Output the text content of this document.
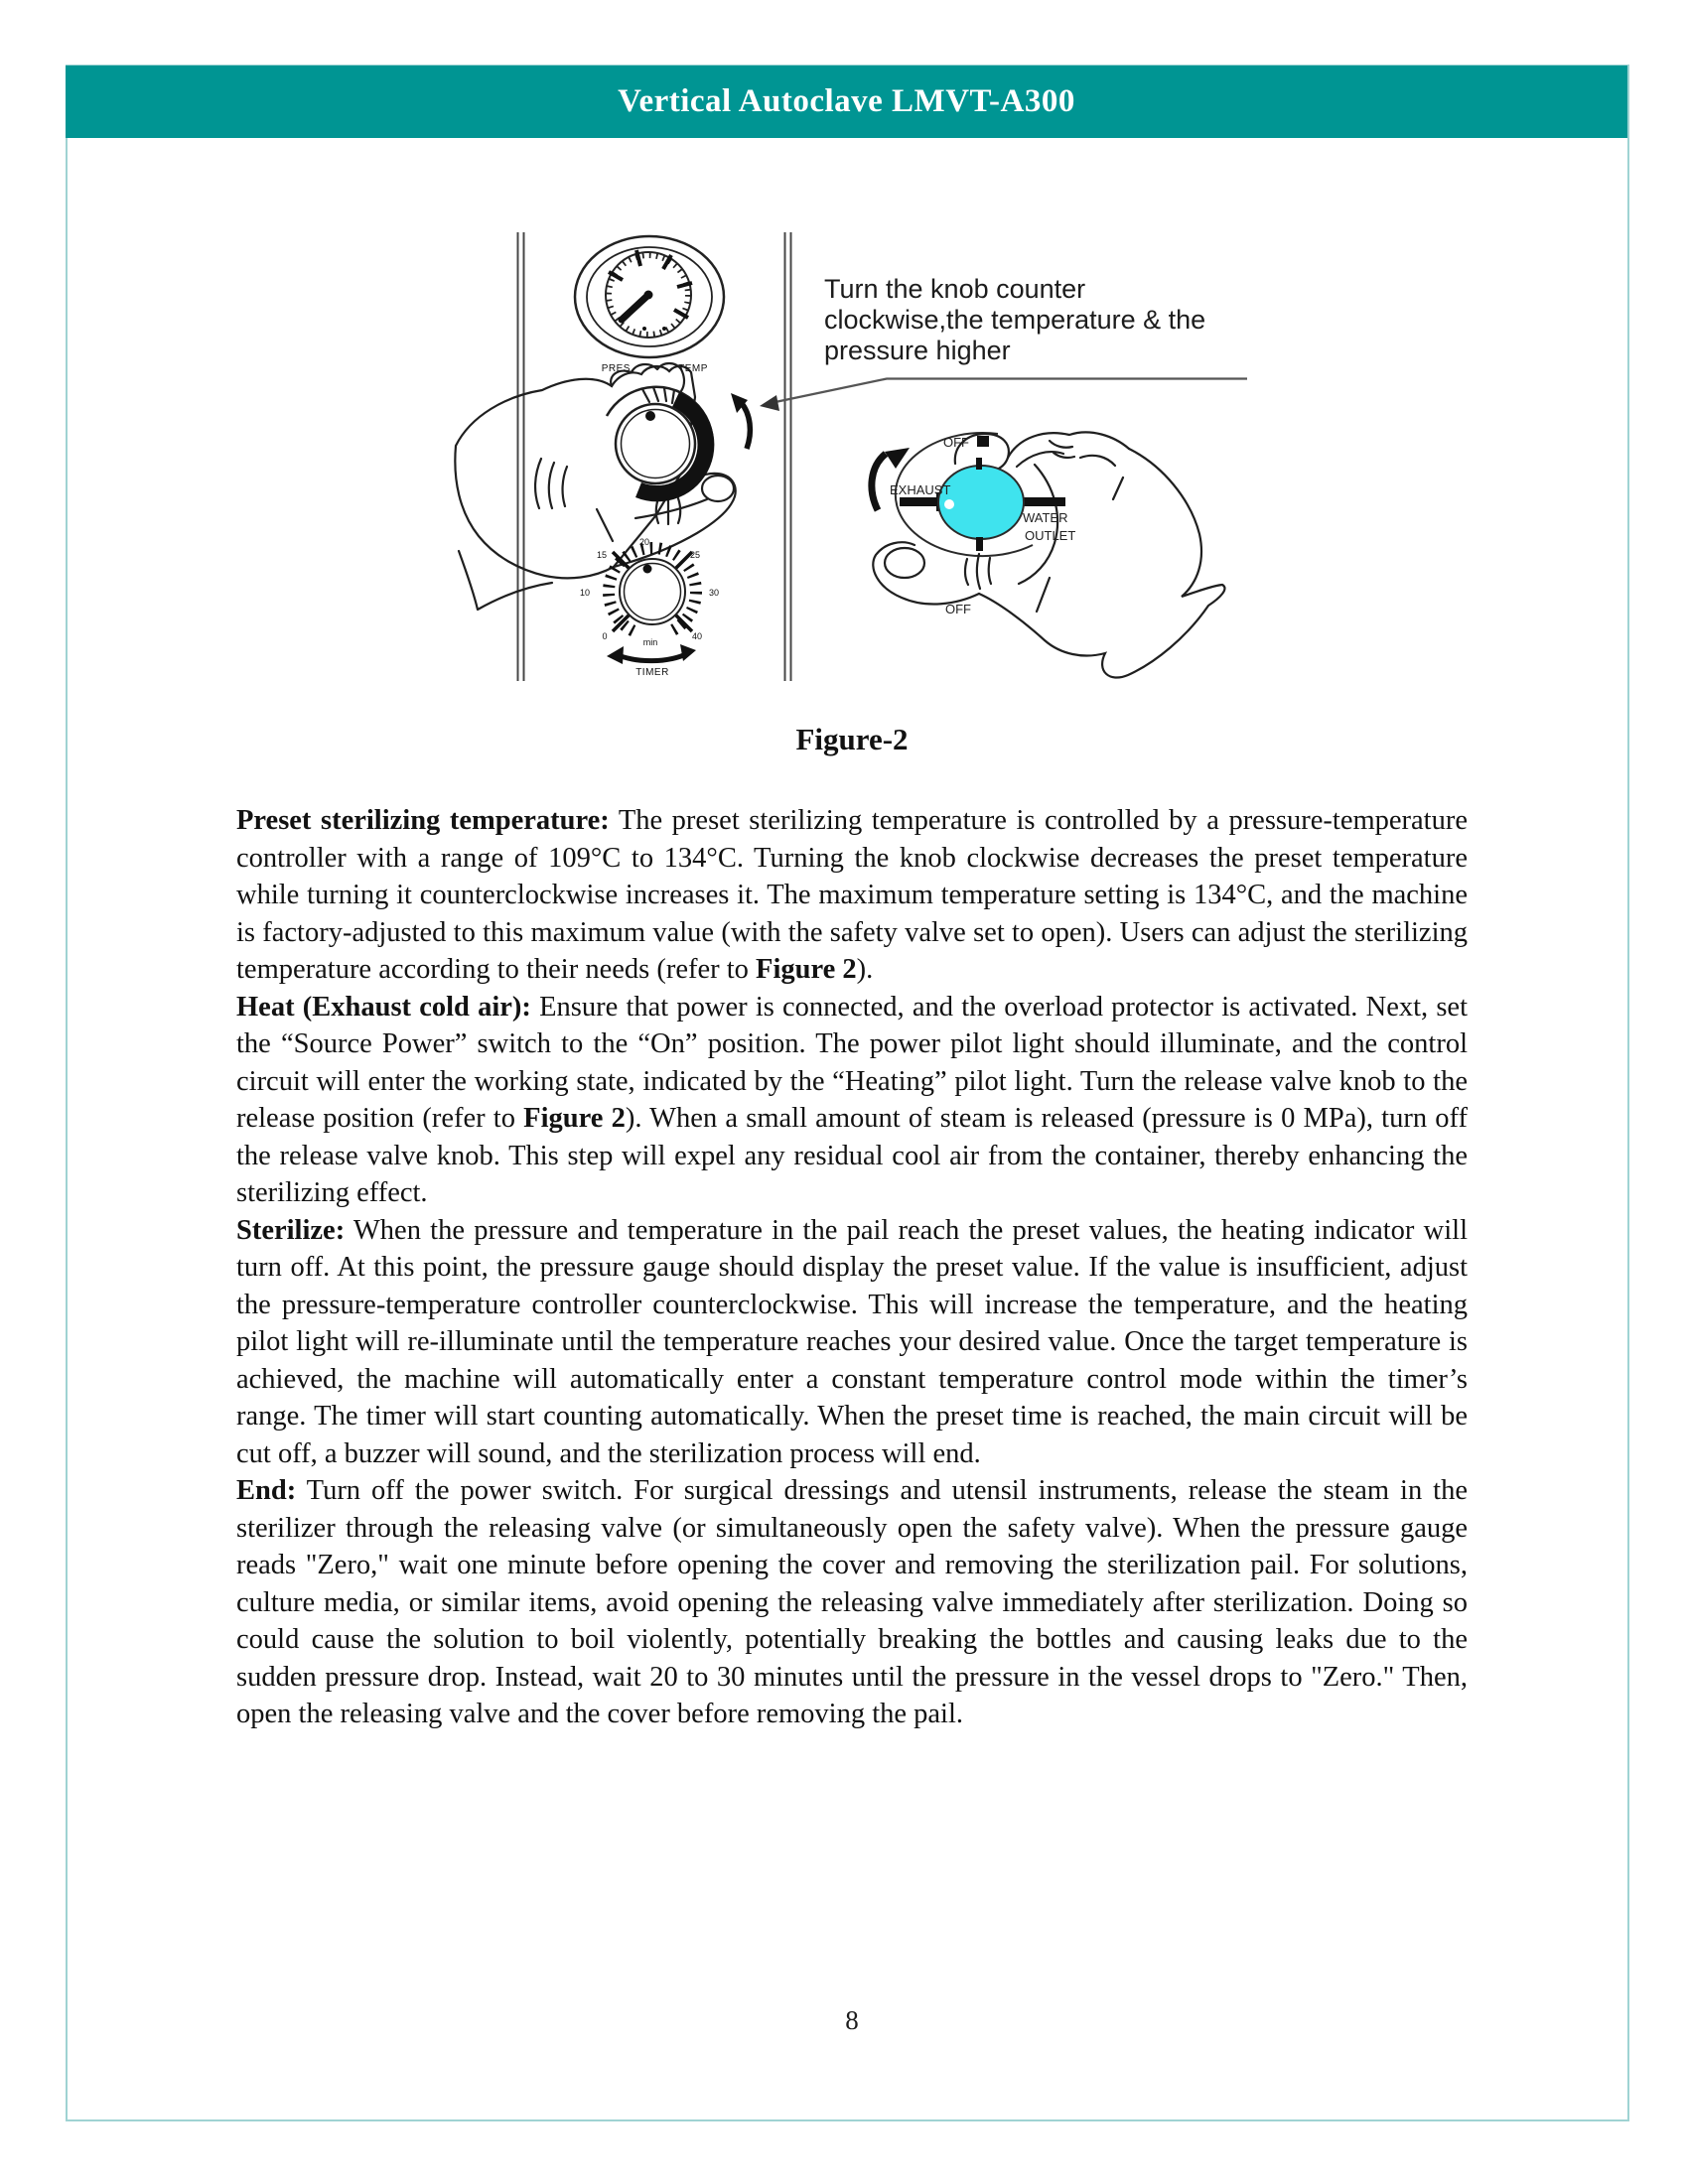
Vertical Autoclave LMVT-A300
PRES.	TEMP
0
10
15
20
25
30
40
min
TIMER
Turn the knob counter
clockwise,the temperature & the
pressure higher
OFF
EXHAUST
WATER
OUTLET
OFF
Figure-2

Preset sterilizing temperature: The preset sterilizing temperature is controlled by a pressure-temperature controller with a range of 109°C to 134°C. Turning the knob clockwise decreases the preset temperature while turning it counterclockwise increases it. The maximum temperature setting is 134°C, and the machine is factory-adjusted to this maximum value (with the safety valve set to open). Users can adjust the sterilizing temperature according to their needs (refer to Figure 2).

Heat (Exhaust cold air): Ensure that power is connected, and the overload protector is activated. Next, set the “Source Power” switch to the “On” position. The power pilot light should illuminate, and the control circuit will enter the working state, indicated by the “Heating” pilot light. Turn the release valve knob to the release position (refer to Figure 2). When a small amount of steam is released (pressure is 0 MPa), turn off the release valve knob. This step will expel any residual cool air from the container, thereby enhancing the sterilizing effect.

Sterilize: When the pressure and temperature in the pail reach the preset values, the heating indicator will turn off. At this point, the pressure gauge should display the preset value. If the value is insufficient, adjust the pressure-temperature controller counterclockwise. This will increase the temperature, and the heating pilot light will re-illuminate until the temperature reaches your desired value. Once the target temperature is achieved, the machine will automatically enter a constant temperature control mode within the timer’s range. The timer will start counting automatically. When the preset time is reached, the main circuit will be cut off, a buzzer will sound, and the sterilization process will end.

End: Turn off the power switch. For surgical dressings and utensil instruments, release the steam in the sterilizer through the releasing valve (or simultaneously open the safety valve). When the pressure gauge reads "Zero," wait one minute before opening the cover and removing the sterilization pail. For solutions, culture media, or similar items, avoid opening the releasing valve immediately after sterilization. Doing so could cause the solution to boil violently, potentially breaking the bottles and causing leaks due to the sudden pressure drop. Instead, wait 20 to 30 minutes until the pressure in the vessel drops to "Zero." Then, open the releasing valve and the cover before removing the pail.

8
